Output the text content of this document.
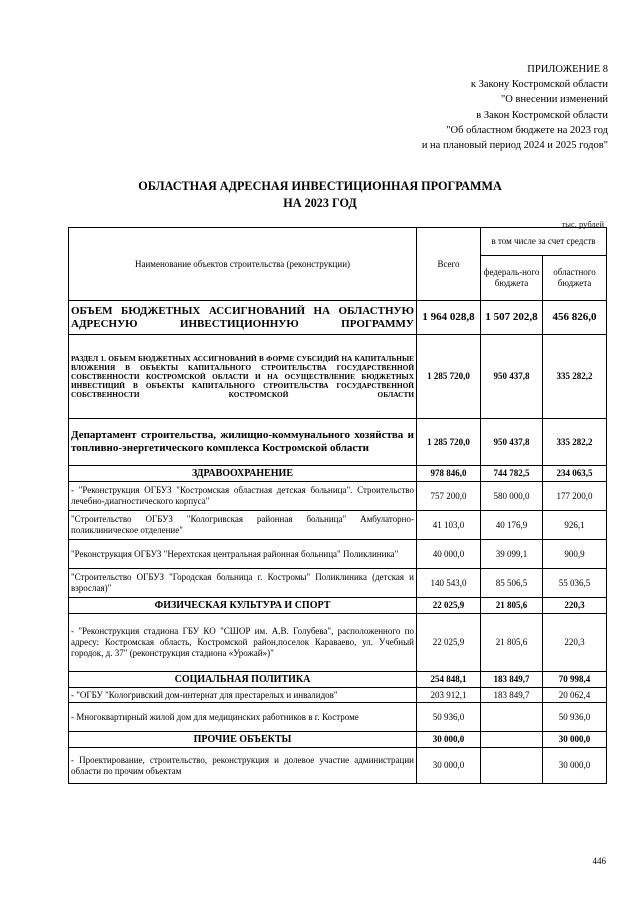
ПРИЛОЖЕНИЕ 8
к Закону Костромской области
"О внесении изменений
в Закон Костромской области
"Об областном бюджете на 2023 год
и на плановый период 2024 и 2025 годов"
ОБЛАСТНАЯ АДРЕСНАЯ ИНВЕСТИЦИОННАЯ ПРОГРАММА
НА 2023 ГОД
тыс. рублей
Наименование объектов строительства (реконструкции)	Всего	в том числе за счет средств	
		федераль-ного бюджета	областного бюджета
ОБЪЕМ БЮДЖЕТНЫХ АССИГНОВАНИЙ НА ОБЛАСТНУЮ АДРЕСНУЮ ИНВЕСТИЦИОННУЮ ПРОГРАММУ	1 964 028,8	1 507 202,8	456 826,0
РАЗДЕЛ 1. ОБЪЕМ БЮДЖЕТНЫХ АССИГНОВАНИЙ В ФОРМЕ СУБСИДИЙ НА КАПИТАЛЬНЫЕ ВЛОЖЕНИЯ В ОБЪЕКТЫ КАПИТАЛЬНОГО СТРОИТЕЛЬСТВА ГОСУДАРСТВЕННОЙ СОБСТВЕННОСТИ КОСТРОМСКОЙ ОБЛАСТИ И НА ОСУЩЕСТВЛЕНИЕ БЮДЖЕТНЫХ ИНВЕСТИЦИЙ В ОБЪЕКТЫ КАПИТАЛЬНОГО СТРОИТЕЛЬСТВА ГОСУДАРСТВЕННОЙ СОБСТВЕННОСТИ КОСТРОМСКОЙ ОБЛАСТИ	1 285 720,0	950 437,8	335 282,2
Департамент строительства, жилищно-коммунального хозяйства и топливно-энергетического комплекса Костромской области	1 285 720,0	950 437,8	335 282,2
ЗДРАВООХРАНЕНИЕ	978 846,0	744 782,5	234 063,5
- "Реконструкция ОГБУЗ "Костромская областная детская больница". Строительство лечебно-диагностического корпуса"	757 200,0	580 000,0	177 200,0
"Строительство ОГБУЗ "Кологривская районная больница" Амбулаторно-поликлиническое отделение"	41 103,0	40 176,9	926,1
"Реконструкция ОГБУЗ "Нерехтская центральная районная больница" Поликлиника"	40 000,0	39 099,1	900,9
"Строительство ОГБУЗ "Городская больница г. Костромы" Поликлиника (детская и взрослая)"	140 543,0	85 506,5	55 036,5
ФИЗИЧЕСКАЯ КУЛЬТУРА И СПОРТ	22 025,9	21 805,6	220,3
- "Реконструкция стадиона ГБУ КО "СШОР им. А.В. Голубева", расположенного по адресу: Костромская область, Костромской район,поселок Караваево, ул. Учебный городок, д. 37" (реконструкция стадиона «Урожай»)"	22 025,9	21 805,6	220,3
СОЦИАЛЬНАЯ ПОЛИТИКА	254 848,1	183 849,7	70 998,4
- "ОГБУ "Кологривский дом-интернат для престарелых и инвалидов"	203 912,1	183 849,7	20 062,4
- Многоквартирный жилой дом для медицинских работников в г. Костроме	50 936,0		50 936,0
ПРОЧИЕ ОБЪЕКТЫ	30 000,0		30 000,0
- Проектирование, строительство, реконструкция и долевое участие администрации области по прочим объектам	30 000,0		30 000,0
446
